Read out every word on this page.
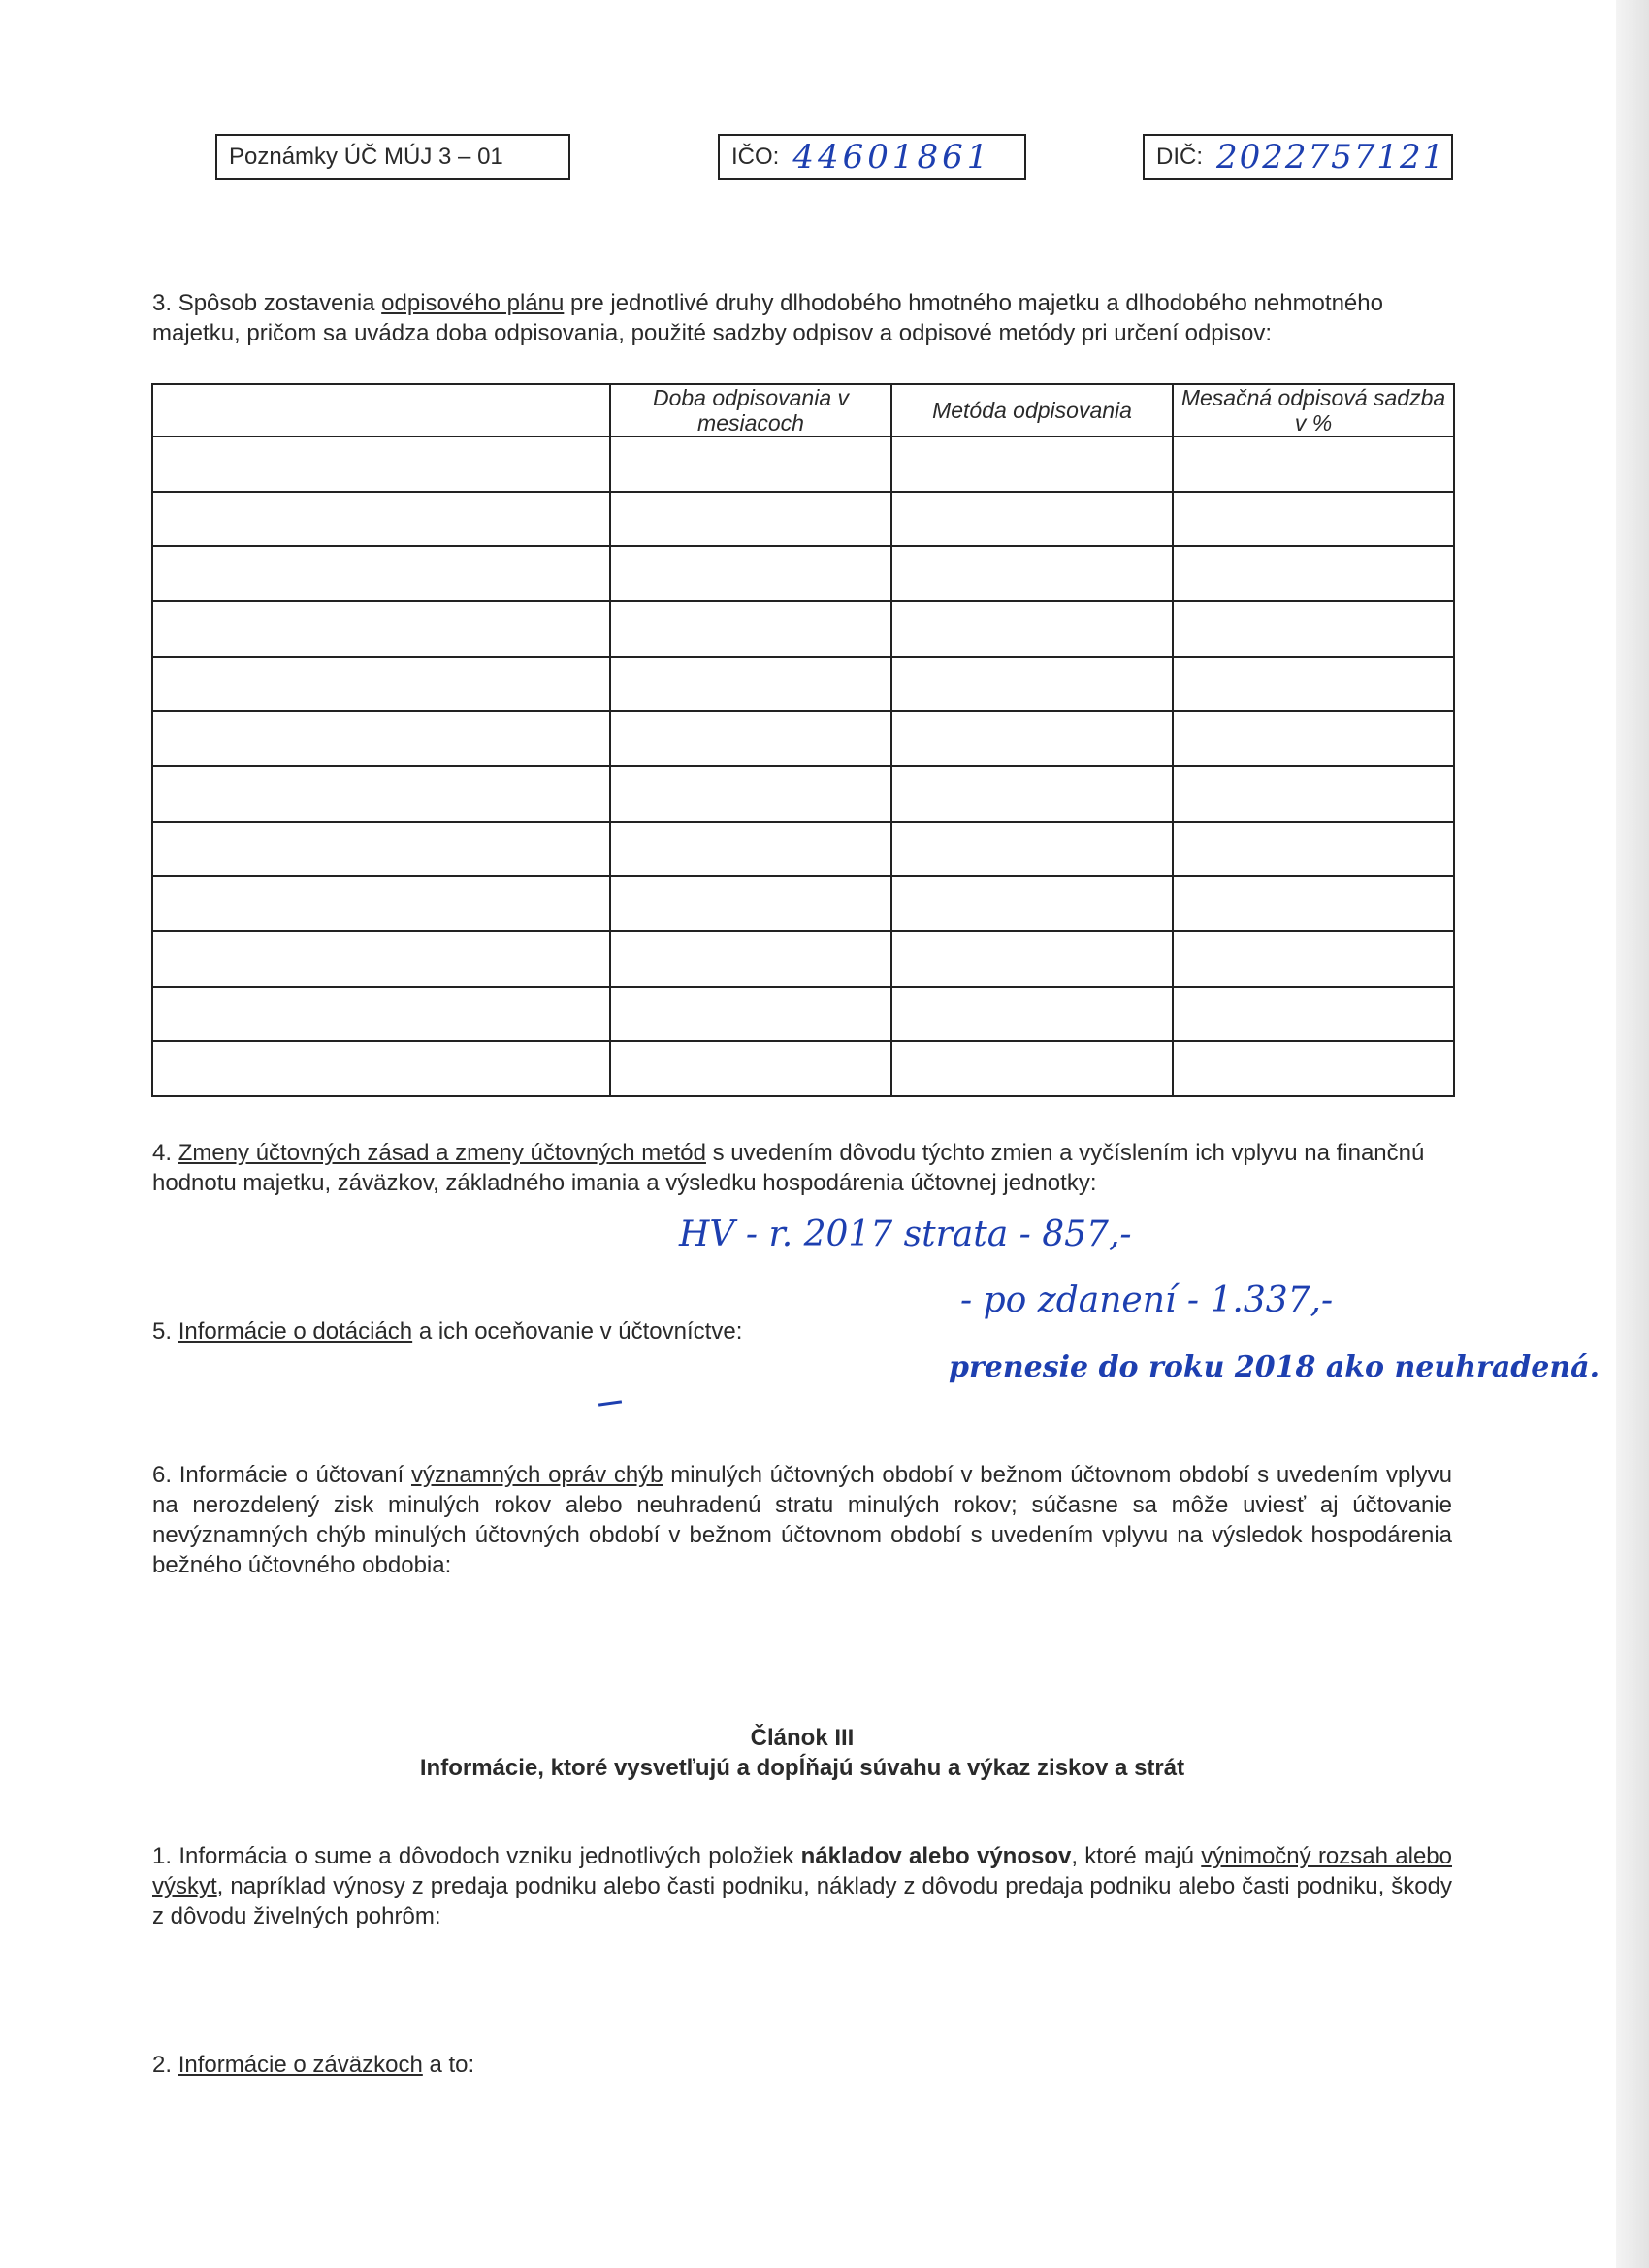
Poznámky ÚČ MÚJ 3 – 01	IČO: 44601861	DIČ: 2022757121
3. Spôsob zostavenia odpisového plánu pre jednotlivé druhy dlhodobého hmotného majetku a dlhodobého nehmotného majetku, pričom sa uvádza doba odpisovania, použité sadzby odpisov a odpisové metódy pri určení odpisov:
	Doba odpisovania v mesiacoch	Metóda odpisovania	Mesačná odpisová sadzba v %

4. Zmeny účtovných zásad a zmeny účtovných metód s uvedením dôvodu týchto zmien a vyčíslením ich vplyvu na finančnú hodnotu majetku, záväzkov, základného imania a výsledku hospodárenia účtovnej jednotky:
HV - r. 2017 strata - 857,-
- po zdanení - 1.337,-
prenesie do roku 2018 ako neuhradená.
5. Informácie o dotáciách a ich oceňovanie v účtovníctve:
6. Informácie o účtovaní významných opráv chýb minulých účtovných období v bežnom účtovnom období s uvedením vplyvu na nerozdelený zisk minulých rokov alebo neuhradenú stratu minulých rokov; súčasne sa môže uviesť aj účtovanie nevýznamných chýb minulých účtovných období v bežnom účtovnom období s uvedením vplyvu na výsledok hospodárenia bežného účtovného obdobia:
Článok III
Informácie, ktoré vysvetľujú a dopĺňajú súvahu a výkaz ziskov a strát
1. Informácia o sume a dôvodoch vzniku jednotlivých položiek nákladov alebo výnosov, ktoré majú výnimočný rozsah alebo výskyt, napríklad výnosy z predaja podniku alebo časti podniku, náklady z dôvodu predaja podniku alebo časti podniku, škody z dôvodu živelných pohrôm:
2. Informácie o záväzkoch a to:
